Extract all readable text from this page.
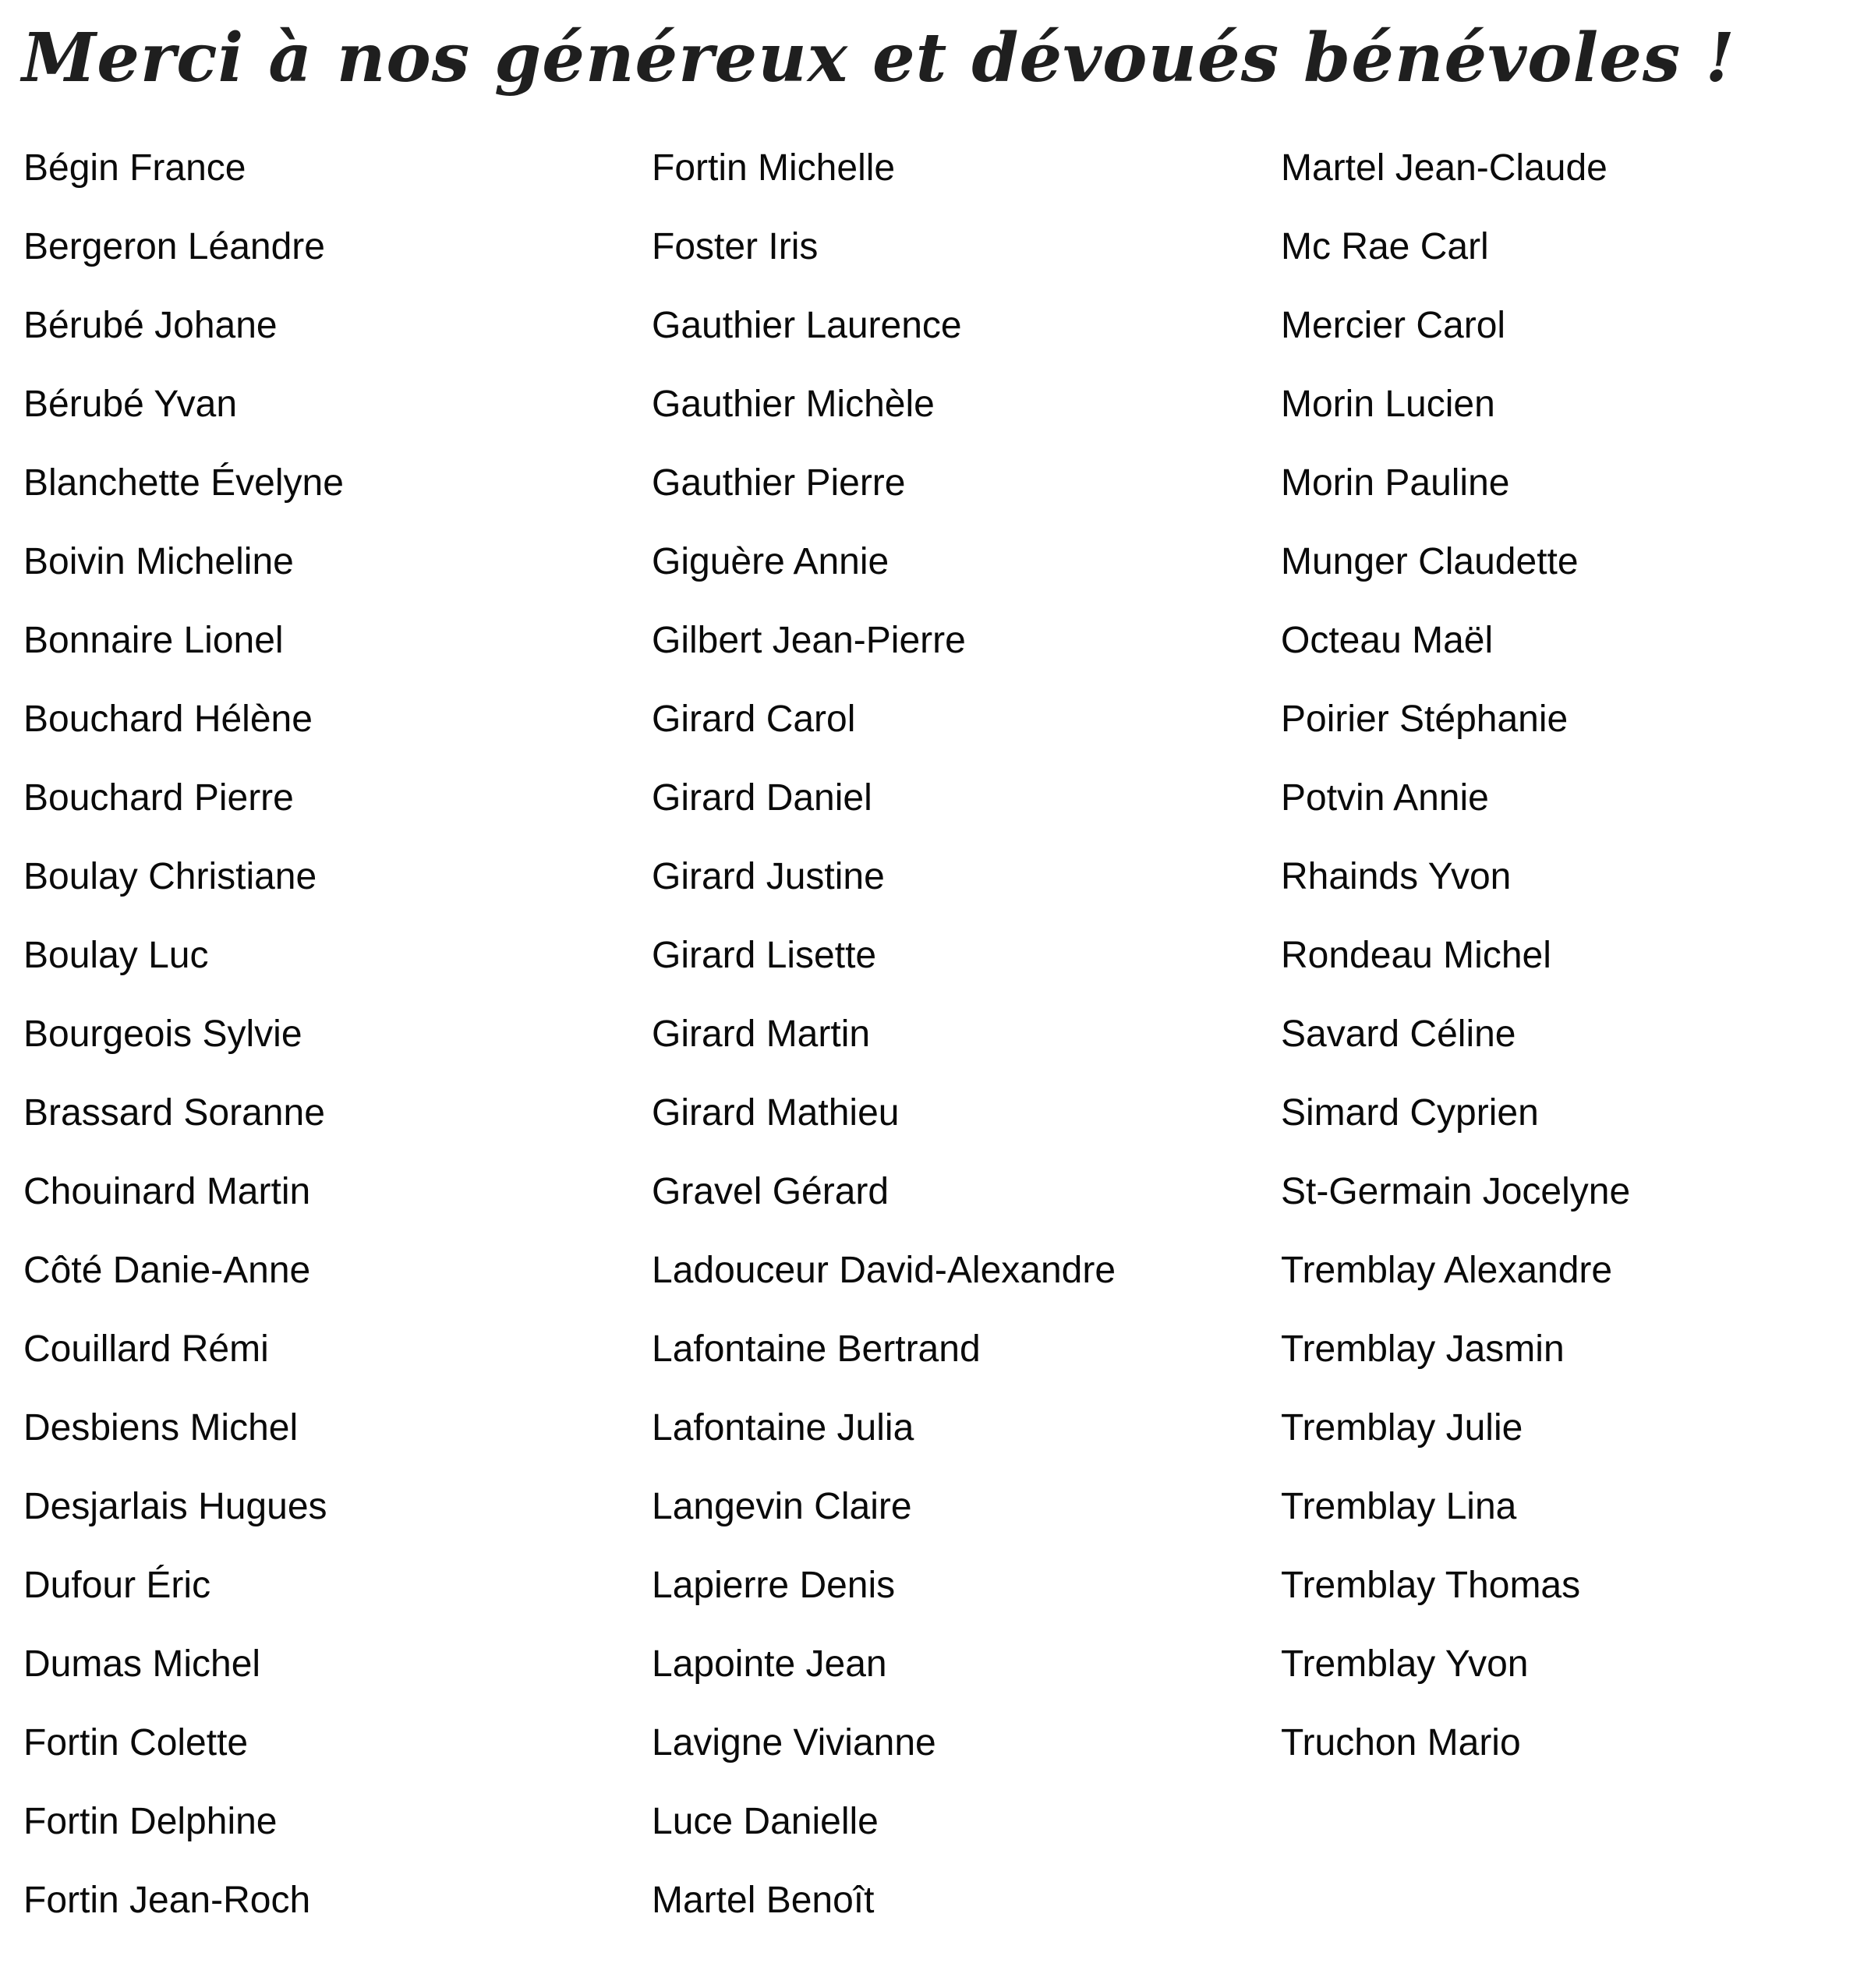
Merci à nos généreux et dévoués bénévoles !
Bégin France
Bergeron Léandre
Bérubé Johane
Bérubé Yvan
Blanchette Évelyne
Boivin Micheline
Bonnaire Lionel
Bouchard Hélène
Bouchard Pierre
Boulay Christiane
Boulay Luc
Bourgeois Sylvie
Brassard Soranne
Chouinard Martin
Côté Danie-Anne
Couillard Rémi
Desbiens Michel
Desjarlais Hugues
Dufour Éric
Dumas Michel
Fortin Colette
Fortin Delphine
Fortin Jean-Roch
Fortin Michelle
Foster Iris
Gauthier Laurence
Gauthier Michèle
Gauthier Pierre
Giguère Annie
Gilbert Jean-Pierre
Girard Carol
Girard Daniel
Girard Justine
Girard Lisette
Girard Martin
Girard Mathieu
Gravel Gérard
Ladouceur David-Alexandre
Lafontaine Bertrand
Lafontaine Julia
Langevin Claire
Lapierre Denis
Lapointe Jean
Lavigne Vivianne
Luce Danielle
Martel Benoît
Martel Jean-Claude
Mc Rae Carl
Mercier Carol
Morin Lucien
Morin Pauline
Munger Claudette
Octeau Maël
Poirier Stéphanie
Potvin Annie
Rhainds Yvon
Rondeau Michel
Savard Céline
Simard Cyprien
St-Germain Jocelyne
Tremblay Alexandre
Tremblay Jasmin
Tremblay Julie
Tremblay Lina
Tremblay Thomas
Tremblay Yvon
Truchon Mario
